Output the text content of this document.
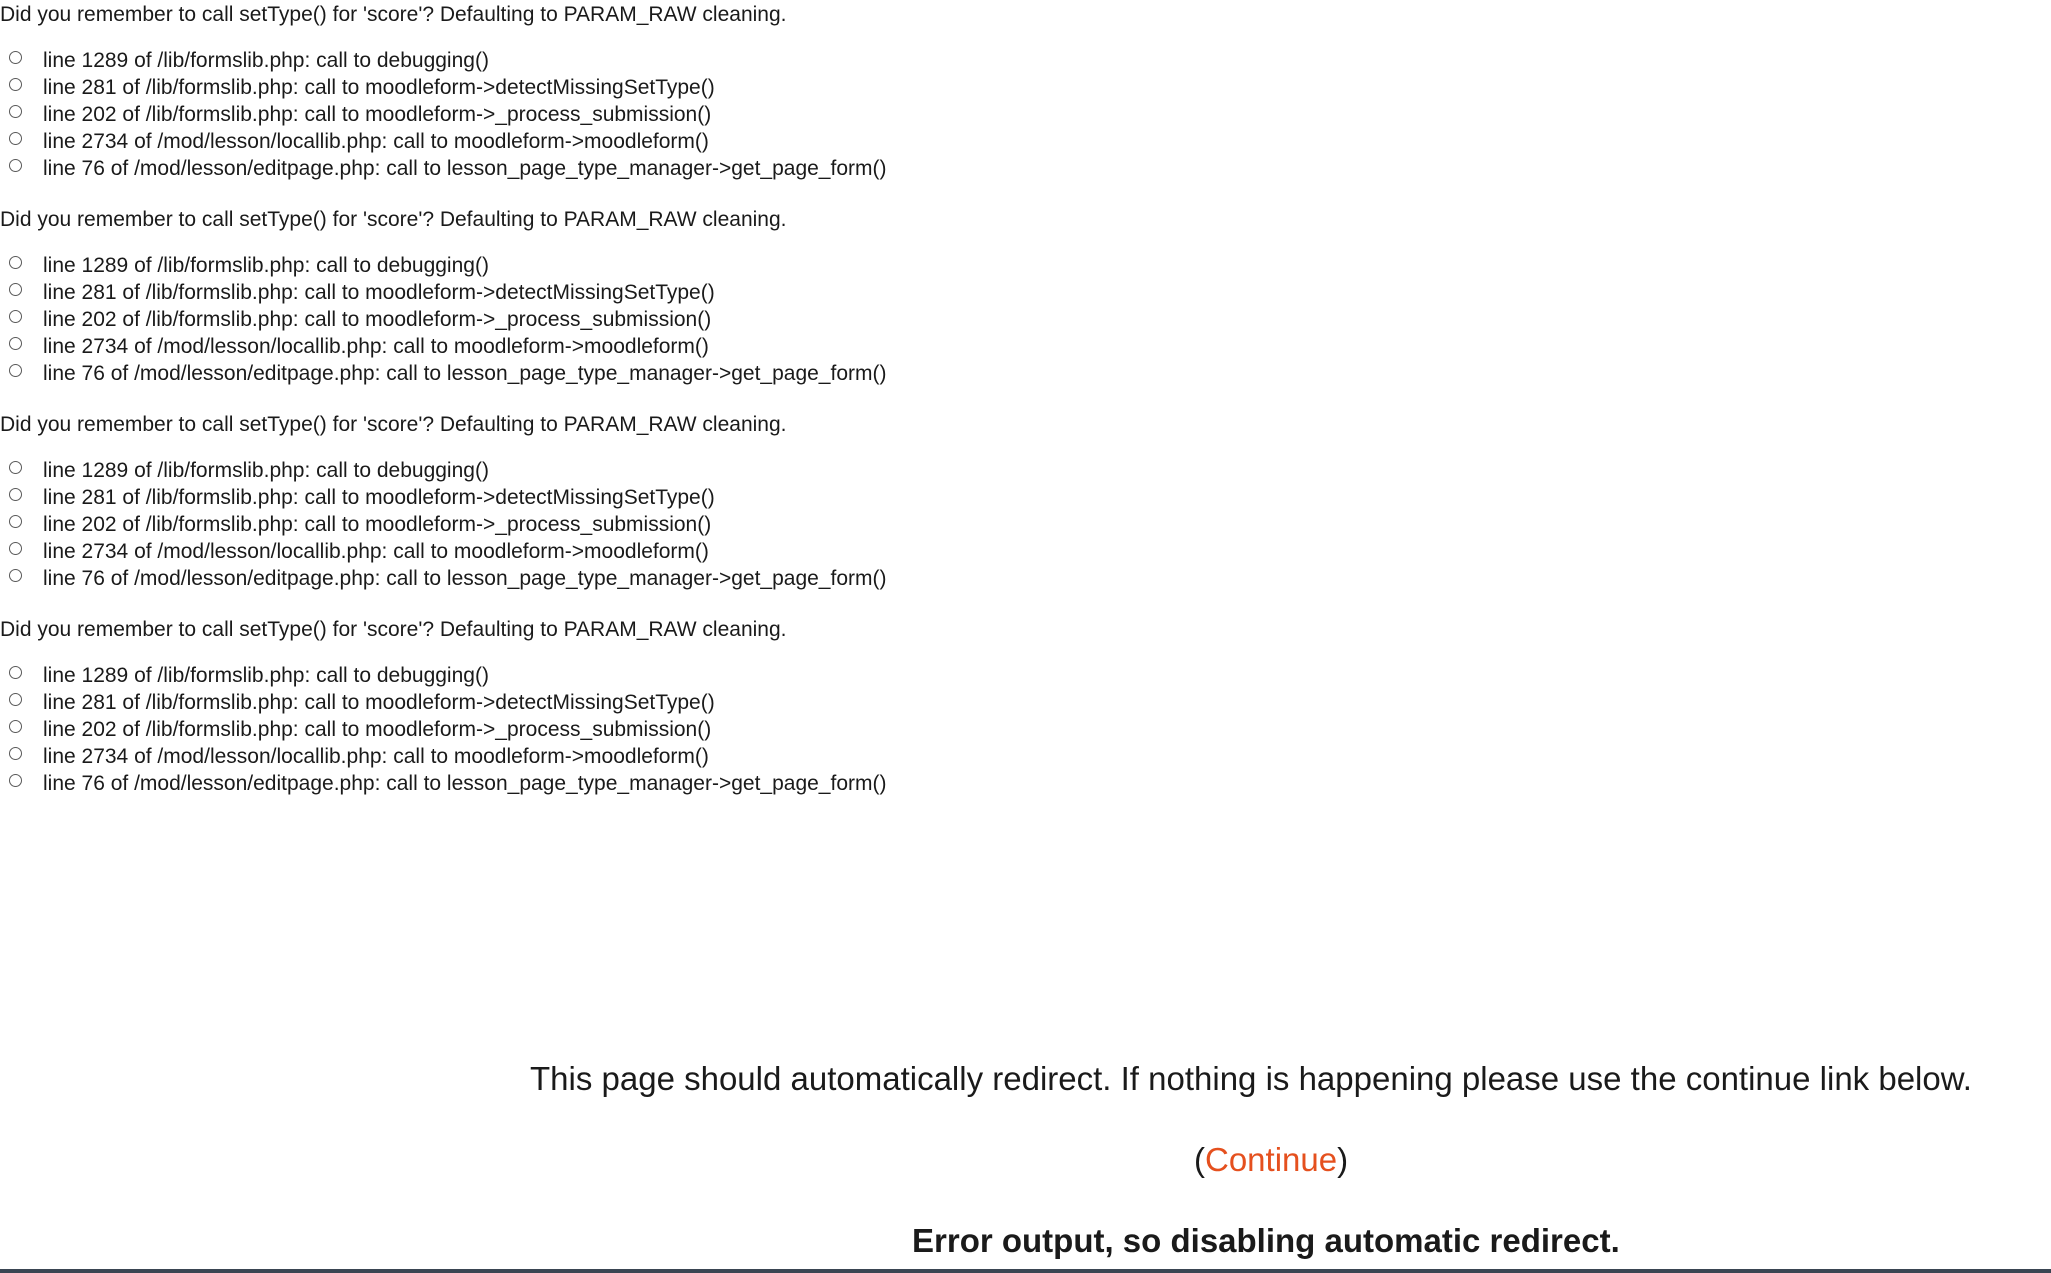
Did you remember to call setType() for 'score'? Defaulting to PARAM_RAW cleaning.
line 1289 of /lib/formslib.php: call to debugging()
line 281 of /lib/formslib.php: call to moodleform->detectMissingSetType()
line 202 of /lib/formslib.php: call to moodleform->_process_submission()
line 2734 of /mod/lesson/locallib.php: call to moodleform->moodleform()
line 76 of /mod/lesson/editpage.php: call to lesson_page_type_manager->get_page_form()
Did you remember to call setType() for 'score'? Defaulting to PARAM_RAW cleaning.
line 1289 of /lib/formslib.php: call to debugging()
line 281 of /lib/formslib.php: call to moodleform->detectMissingSetType()
line 202 of /lib/formslib.php: call to moodleform->_process_submission()
line 2734 of /mod/lesson/locallib.php: call to moodleform->moodleform()
line 76 of /mod/lesson/editpage.php: call to lesson_page_type_manager->get_page_form()
Did you remember to call setType() for 'score'? Defaulting to PARAM_RAW cleaning.
line 1289 of /lib/formslib.php: call to debugging()
line 281 of /lib/formslib.php: call to moodleform->detectMissingSetType()
line 202 of /lib/formslib.php: call to moodleform->_process_submission()
line 2734 of /mod/lesson/locallib.php: call to moodleform->moodleform()
line 76 of /mod/lesson/editpage.php: call to lesson_page_type_manager->get_page_form()
Did you remember to call setType() for 'score'? Defaulting to PARAM_RAW cleaning.
line 1289 of /lib/formslib.php: call to debugging()
line 281 of /lib/formslib.php: call to moodleform->detectMissingSetType()
line 202 of /lib/formslib.php: call to moodleform->_process_submission()
line 2734 of /mod/lesson/locallib.php: call to moodleform->moodleform()
line 76 of /mod/lesson/editpage.php: call to lesson_page_type_manager->get_page_form()
This page should automatically redirect. If nothing is happening please use the continue link below.
(Continue)
Error output, so disabling automatic redirect.
